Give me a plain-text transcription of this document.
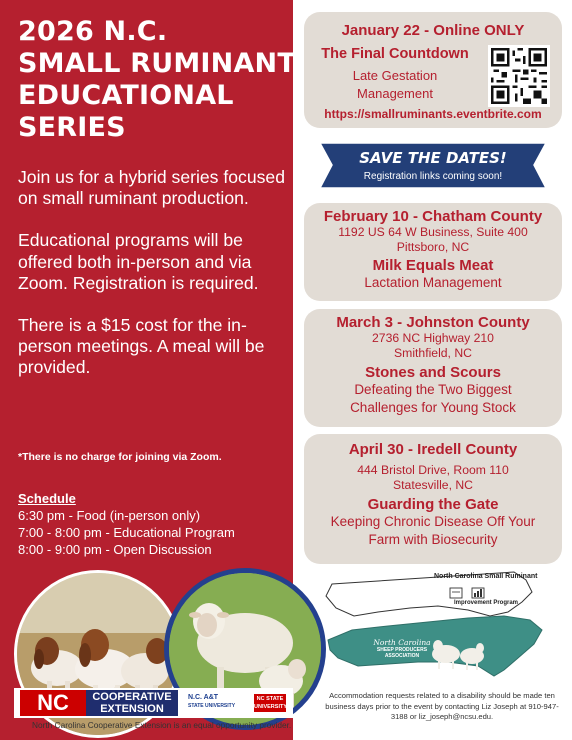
2026 N.C.
SMALL RUMINANT
EDUCATIONAL
SERIES

Join us for a hybrid series focused on small ruminant production.

Educational programs will be offered both in-person and via Zoom. Registration is required.

There is a $15 cost for the in-person meetings. A meal will be provided.

*There is no charge for joining via Zoom.
Schedule
6:30 pm - Food (in-person only)
7:00 - 8:00 pm - Educational Program
8:00 - 9:00 pm - Open Discussion
NC	COOPERATIVE
EXTENSION
N.C. A&T
STATE UNIVERSITY
NC STATE
UNIVERSITY
North Carolina Cooperative Extension is an equal opportunity provider.
January 22 - Online ONLY
The Final Countdown
Late Gestation
Management
https://smallruminants.eventbrite.com
SAVE THE DATES!
Registration links coming soon!
February 10 - Chatham County
1192 US 64 W Business, Suite 400
Pittsboro, NC
Milk Equals Meat
Lactation Management
March 3 - Johnston County
2736 NC Highway 210
Smithfield, NC
Stones and Scours
Defeating the Two Biggest
Challenges for Young Stock
April 30 - Iredell County
444 Bristol Drive, Room 110
Statesville, NC
Guarding the Gate
Keeping Chronic Disease Off Your
Farm with Biosecurity
North Carolina Small Ruminant
Improvement Program
North Carolina
SHEEP PRODUCERS
ASSOCIATION
Accommodation requests related to a disability should be made ten business days prior to the event by contacting Liz Joseph at 910-947-3188 or liz_joseph@ncsu.edu.
